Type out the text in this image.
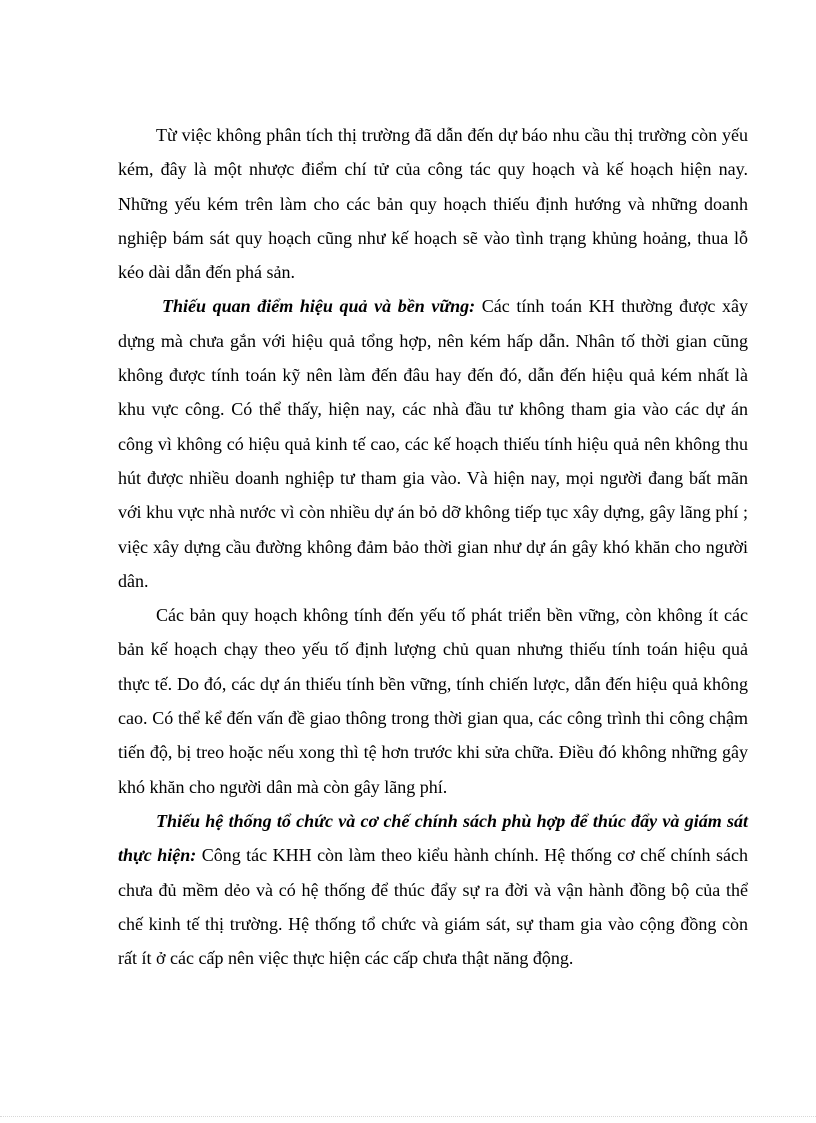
Từ việc không phân tích thị trường đã dẫn đến dự báo nhu cầu thị trường còn yếu kém, đây là một nhược điểm chí tử của công tác quy hoạch và kế hoạch hiện nay. Những yếu kém trên làm cho các bản quy hoạch thiếu định hướng và những doanh nghiệp bám sát quy hoạch cũng như kế hoạch sẽ vào tình trạng khủng hoảng, thua lỗ kéo dài dẫn đến phá sản.

Thiếu quan điểm hiệu quả và bền vững: Các tính toán KH thường được xây dựng mà chưa gắn với hiệu quả tổng hợp, nên kém hấp dẫn. Nhân tố thời gian cũng không được tính toán kỹ nên làm đến đâu hay đến đó, dẫn đến hiệu quả kém nhất là khu vực công. Có thể thấy, hiện nay, các nhà đầu tư không tham gia vào các dự án công vì không có hiệu quả kinh tế cao, các kế hoạch thiếu tính hiệu quả nên không thu hút được nhiều doanh nghiệp tư tham gia vào. Và hiện nay, mọi người đang bất mãn với khu vực nhà nước vì còn nhiều dự án bỏ dỡ không tiếp tục xây dựng, gây lãng phí ; việc xây dựng cầu đường không đảm bảo thời gian như dự án gây khó khăn cho người dân.

Các bản quy hoạch không tính đến yếu tố phát triển bền vững, còn không ít các bản kế hoạch chạy theo yếu tố định lượng chủ quan nhưng thiếu tính toán hiệu quả thực tế. Do đó, các dự án thiếu tính bền vững, tính chiến lược, dẫn đến hiệu quả không cao. Có thể kể đến vấn đề giao thông trong thời gian qua, các công trình thi công chậm tiến độ, bị treo hoặc nếu xong thì tệ hơn trước khi sửa chữa. Điều đó không những gây khó khăn cho người dân mà còn gây lãng phí.

Thiếu hệ thống tổ chức và cơ chế chính sách phù hợp để thúc đẩy và giám sát thực hiện: Công tác KHH còn làm theo kiểu hành chính. Hệ thống cơ chế chính sách chưa đủ mềm dẻo và có hệ thống để thúc đẩy sự ra đời và vận hành đồng bộ của thể chế kinh tế thị trường. Hệ thống tổ chức và giám sát, sự tham gia vào cộng đồng còn rất ít ở các cấp nên việc thực hiện các cấp chưa thật năng động.
